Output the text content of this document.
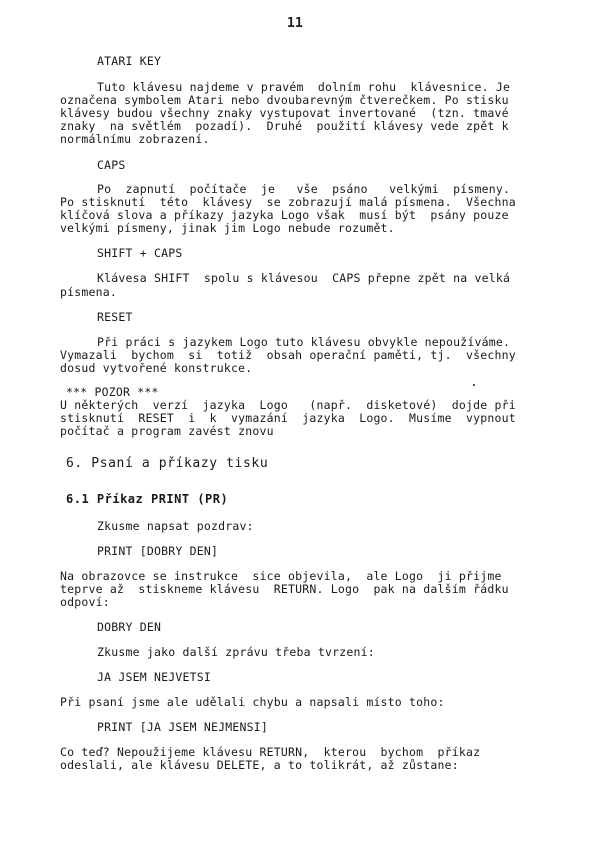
11
ATARI KEY
Tuto klávesu najdeme v pravém  dolním rohu  klávesnice. Je
označena symbolem Atari nebo dvoubarevným čtverečkem. Po stisku
klávesy budou všechny znaky vystupovat invertované  (tzn. tmavé
znaky  na světlém  pozadí).  Druhé  použití klávesy vede zpět k
normálnímu zobrazení.
CAPS
Po  zapnutí  počítače  je   vše  psáno   velkými  písmeny.
Po stisknutí  této  klávesy  se zobrazují malá písmena.  Všechna
klíčová slova a příkazy jazyka Logo však  musí být  psány pouze
velkými písmeny, jinak jim Logo nebude rozumět.
SHIFT + CAPS
Klávesa SHIFT  spolu s klávesou  CAPS přepne zpět na velká
písmena.
RESET
Při práci s jazykem Logo tuto klávesu obvykle nepoužíváme.
Vymazali  bychom  si  totiž  obsah operační paměti, tj.  všechny
dosud vytvořené konstrukce.
*** POZOR ***
U některých  verzí  jazyka  Logo   (např.  disketové)  dojde při
stisknutí  RESET  i  k  vymazání  jazyka  Logo.  Musíme  vypnout
počítač a program zavést znovu
6. Psaní a příkazy tisku
6.1 Příkaz PRINT (PR)
Zkusme napsat pozdrav:
PRINT [DOBRY DEN]
Na obrazovce se instrukce  sice objevila,  ale Logo  ji přijme
teprve až  stiskneme klávesu  RETURN. Logo  pak na dalším řádku
odpoví:
DOBRY DEN
Zkusme jako další zprávu třeba tvrzení:
JA JSEM NEJVETSI
Při psaní jsme ale udělali chybu a napsali místo toho:
PRINT [JA JSEM NEJMENSI]
Co teď? Nepoužijeme klávesu RETURN,  kterou  bychom  příkaz
odeslali, ale klávesu DELETE, a to tolikrát, až zůstane:
